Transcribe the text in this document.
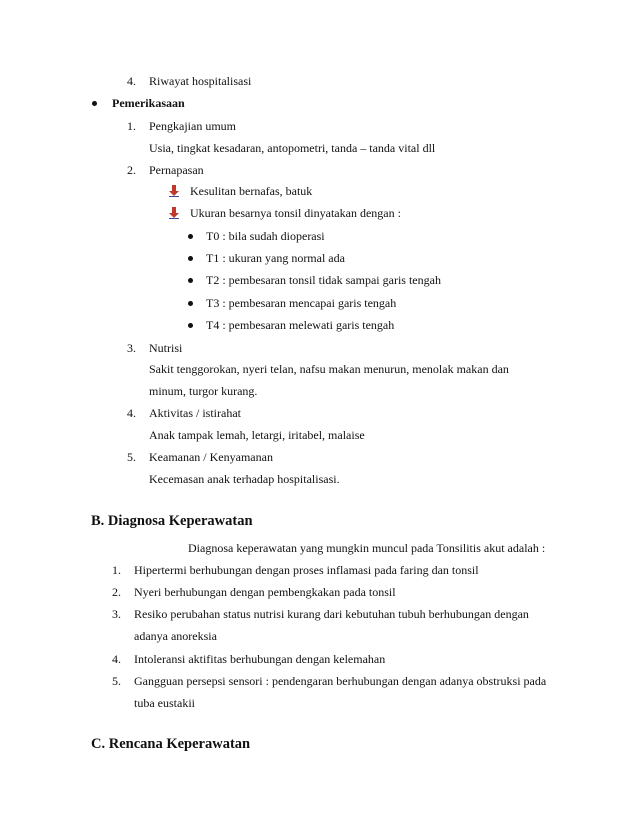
4. Riwayat hospitalisasi
Pemerikasaan
1. Pengkajian umum
Usia, tingkat kesadaran, antopometri, tanda – tanda vital dll
2. Pernapasan
Kesulitan bernafas, batuk
Ukuran besarnya tonsil dinyatakan dengan :
T0 : bila sudah dioperasi
T1 : ukuran yang normal ada
T2 : pembesaran tonsil tidak sampai garis tengah
T3 : pembesaran mencapai garis tengah
T4 : pembesaran melewati garis tengah
3. Nutrisi
Sakit tenggorokan, nyeri telan, nafsu makan menurun, menolak makan dan
minum, turgor kurang.
4. Aktivitas / istirahat
Anak tampak lemah, letargi, iritabel, malaise
5. Keamanan / Kenyamanan
Kecemasan anak terhadap hospitalisasi.
B. Diagnosa Keperawatan
Diagnosa keperawatan yang mungkin muncul pada Tonsilitis akut adalah :
1. Hipertermi berhubungan dengan proses inflamasi pada faring dan tonsil
2. Nyeri berhubungan dengan pembengkakan pada tonsil
3. Resiko perubahan status nutrisi kurang dari kebutuhan tubuh berhubungan dengan
adanya anoreksia
4. Intoleransi aktifitas berhubungan dengan kelemahan
5. Gangguan persepsi sensori : pendengaran berhubungan dengan adanya obstruksi pada
tuba eustakii
C. Rencana Keperawatan
